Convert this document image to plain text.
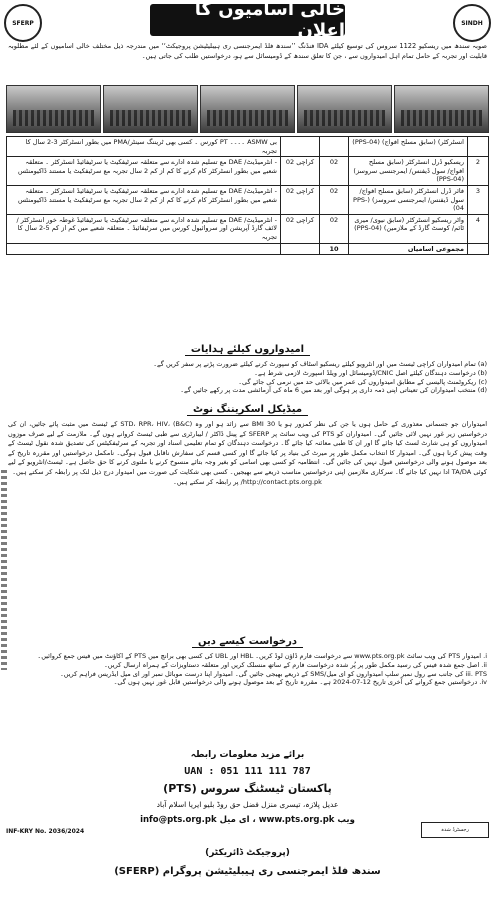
SFERP
خالی اسامیوں کا اعلان	SINDH
صوبہ سندھ میں ریسکیو 1122 سروس کی توسیع کیلئے IDA فنڈنگ ’’سندھ فلڈ ایمرجنسی ری ہیبلیٹیشن پروجیکٹ‘‘ میں مندرجہ ذیل مختلف خالی اسامیوں کے لئے مطلوبہ قابلیت اور تجربہ کے حامل تمام اہل امیدواروں سے ، جن کا تعلق سندھ کے ڈومیسائل سے ہو، درخواستیں طلب کی جاتی ہیں۔
	انسٹرکٹر) (سابق مسلح افواج) (PPS-04)			بی ASMW ۔۔۔۔ PT کورس ۔ کسی بھی ٹریننگ سینٹر/PMA میں بطور انسٹرکٹر 3-2 سال کا تجربہ
2	ریسکیو ڈرل انسٹرکٹر (سابق مسلح افواج/ سول ڈیفنس/ ایمرجنسی سروسز) (PPS-04)	02	کراچی 02	- انٹرمیڈیٹ/ DAE مع تسلیم شدہ ادارے سے متعلقہ سرٹیفکیٹ یا سرٹیفائیڈ انسٹرکٹر ۔ متعلقہ شعبے میں بطور انسٹرکٹر کام کرنے کا کم از کم 2 سال تجربہ مع سرٹیفکیٹ یا مستند ڈاکیومنٹس
3	فائر ڈرل انسٹرکٹر (سابق مسلح افواج/ سول ڈیفنس/ ایمرجنسی سروسز) (PPS-04)	02	کراچی 02	- انٹرمیڈیٹ/ DAE مع تسلیم شدہ ادارے سے متعلقہ سرٹیفکیٹ یا سرٹیفائیڈ انسٹرکٹر ۔ متعلقہ شعبے میں بطور انسٹرکٹر کام کرنے کا کم از کم 2 سال تجربہ مع سرٹیفکیٹ یا مستند ڈاکیومنٹس
4	واٹر ریسکیو انسٹرکٹر (سابق نیوی/ میری ٹائم/ کوسٹ گارڈ کے ملازمین) (PPS-04)	02	کراچی 02	- انٹرمیڈیٹ/ DAE مع تسلیم شدہ ادارے سے متعلقہ سرٹیفکیٹ یا سرٹیفائیڈ غوطہ خور انسٹرکٹر / لائف گارڈ آپریشن اور سروائیول کورس میں سرٹیفائیڈ ۔ متعلقہ شعبے میں کم از کم 5-2 سال کا تجربہ
	مجموعی اسامیاں	10		
امیدواروں کیلئے ہدایات

(a) تمام امیدواران کراچی ٹیسٹ میں اور انٹرویو کیلئے ریسکیو اسٹاف کو سپورٹ کرنے کیلئے ضرورت پڑنے پر سفر کریں گے۔

(b) درخواست دہندگان کیلئے اصل CNIC/ڈومیسائل اور ویلڈ اسپورٹ لازمی شرط ہے۔

(c) ریکروٹمنٹ پالیسی کے مطابق امیدواروں کی عمر میں بالائی حد میں نرمی کی جائے گی۔

(d) منتخب امیدواران کی تعیناتی اپنی ذمہ داری پر ہوگی اور بعد میں 6 ماہ کی آزمائشی مدت پر رکھے جائیں گے۔

میڈیکل اسکریننگ نوٹ

امیدواران جو جسمانی معذوری کے حامل ہوں یا جن کی نظر کمزور ہو یا BMI 30 سے زائد ہو اور وہ STD، RPR، HIV، (B&C) کے ٹیسٹ میں مثبت پائے جائیں، ان کی درخواستیں زیر غور نہیں لائی جائیں گی۔ امیدواران کو PTS کی ویب سائٹ پر SFERP کے پینل ڈاکٹر / لیبارٹری سے طبی ٹیسٹ کروانے ہوں گے۔ ملازمت کے لیے صرف موزوں امیدواروں کو ہی شارٹ لسٹ کیا جائے گا اور ان کا طبی معائنہ کیا جائے گا۔ درخواست دہندگان کو تمام تعلیمی اسناد اور تجربہ کے سرٹیفکیٹس کی تصدیق شدہ نقول ٹیسٹ کے وقت پیش کرنا ہوں گی۔ امیدوار کا انتخاب مکمل طور پر میرٹ کی بنیاد پر کیا جائے گا اور کسی قسم کی سفارش ناقابل قبول ہوگی۔ نامکمل درخواستیں اور مقررہ تاریخ کے بعد موصول ہونے والی درخواستیں قبول نہیں کی جائیں گی۔ انتظامیہ کو کسی بھی اسامی کو بغیر وجہ بتائے منسوخ کرنے یا ملتوی کرنے کا حق حاصل ہے۔ ٹیسٹ/انٹرویو کے لیے کوئی TA/DA ادا نہیں کیا جائے گا۔ سرکاری ملازمین اپنی درخواستیں مناسب ذریعے سے بھیجیں۔ کسی بھی شکایت کی صورت میں امیدوار درج ذیل لنک پر رابطہ کر سکتے ہیں۔

http://contact.pts.org.pk/ پر رابطہ کر سکتے ہیں۔

درخواست کیسے دیں

i. امیدوار PTS کی ویب سائٹ www.pts.org.pk سے درخواست فارم ڈاؤن لوڈ کریں۔ HBL اور UBL کی کسی بھی برانچ میں PTS کے اکاؤنٹ میں فیس جمع کروائیں۔

ii. اصل جمع شدہ فیس کی رسید مکمل طور پر پُر شدہ درخواست فارم کے ساتھ منسلک کریں اور متعلقہ دستاویزات کے ہمراہ ارسال کریں۔

iii. PTS کی جانب سے رول نمبر سلپ امیدواروں کو ای میل/SMS کے ذریعے بھیجی جائیں گی۔ امیدوار اپنا درست موبائل نمبر اور ای میل ایڈریس فراہم کریں۔

iv. درخواستیں جمع کروانے کی آخری تاریخ 12-07-2024 ہے۔ مقررہ تاریخ کے بعد موصول ہونے والی درخواستیں قابل غور نہیں ہوں گی۔

برائے مزید معلومات رابطہ
UAN : 051 111 111 787
پاکستان ٹیسٹنگ سروس (PTS)
عدیل پلازہ، تیسری منزل فضل حق روڈ بلیو ایریا اسلام آباد
info@pts.org.pk ای میل ، www.pts.org.pk ویب
INF-KRY No. 2036/2024	رجسٹرڈ شدہ
(پروجیکٹ ڈائریکٹر)
سندھ فلڈ ایمرجنسی ری ہیبلیٹیشن پروگرام (SFERP)
